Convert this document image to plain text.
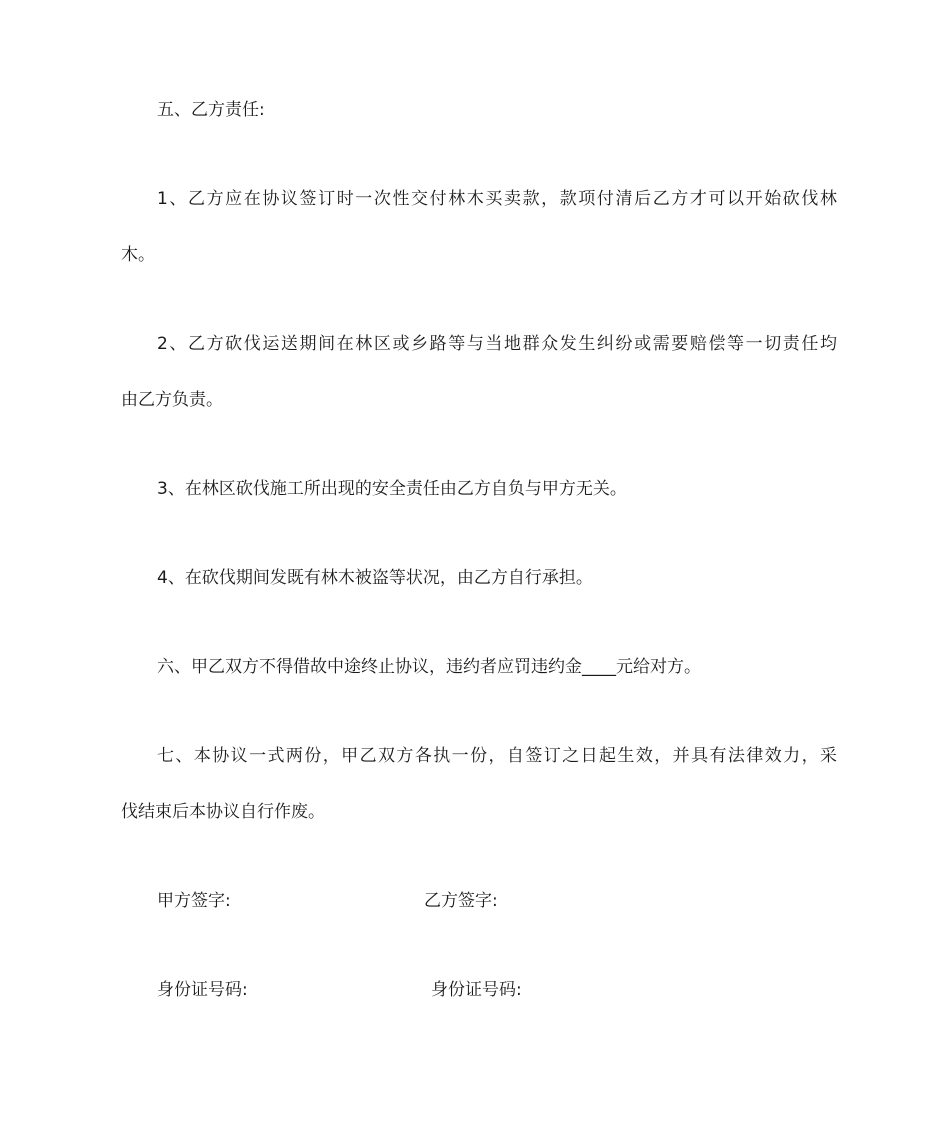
五、乙方责任:
1、乙方应在协议签订时一次性交付林木买卖款，款项付清后乙方才可以开始砍伐林
木。
2、乙方砍伐运送期间在林区或乡路等与当地群众发生纠纷或需要赔偿等一切责任均
由乙方负责。
3、在林区砍伐施工所出现的安全责任由乙方自负与甲方无关。
4、在砍伐期间发既有林木被盗等状况，由乙方自行承担。
六、甲乙双方不得借故中途终止协议，违约者应罚违约金____元给对方。
七、本协议一式两份，甲乙双方各执一份，自签订之日起生效，并具有法律效力，采
伐结束后本协议自行作废。
甲方签字:	乙方签字:
身份证号码:	身份证号码:
